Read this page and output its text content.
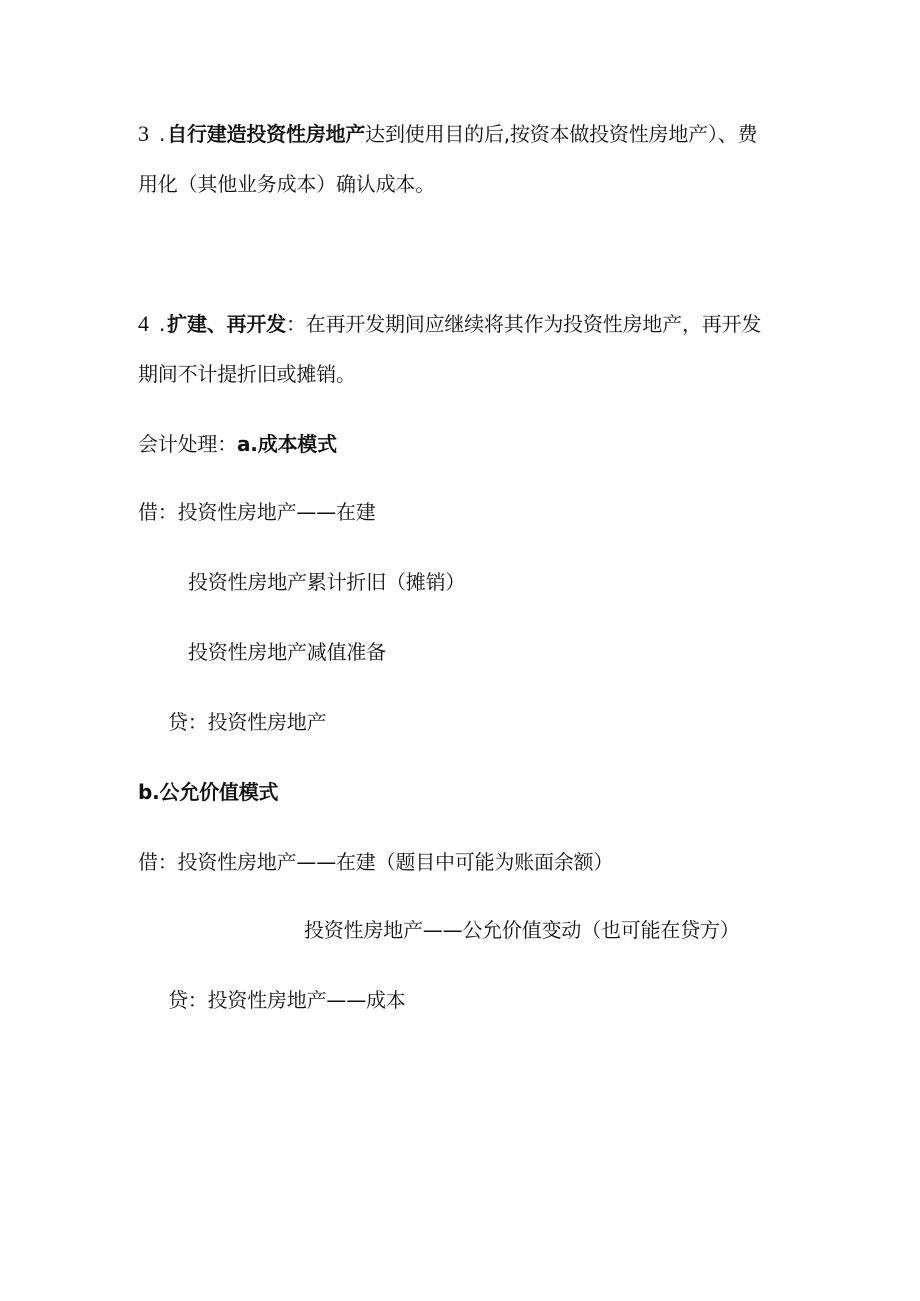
3 . 自行建造投资性房地产达到使用目的后,按资本做投资性房地产）、费
用化（其他业务成本）确认成本。
4 . 扩建、再开发：在再开发期间应继续将其作为投资性房地产，再开发
期间不计提折旧或摊销。
会计处理：a.成本模式
借：投资性房地产——在建
投资性房地产累计折旧（摊销）
投资性房地产减值准备
贷：投资性房地产
b.公允价值模式
借：投资性房地产——在建（题目中可能为账面余额）
投资性房地产——公允价值变动（也可能在贷方）
贷：投资性房地产——成本
